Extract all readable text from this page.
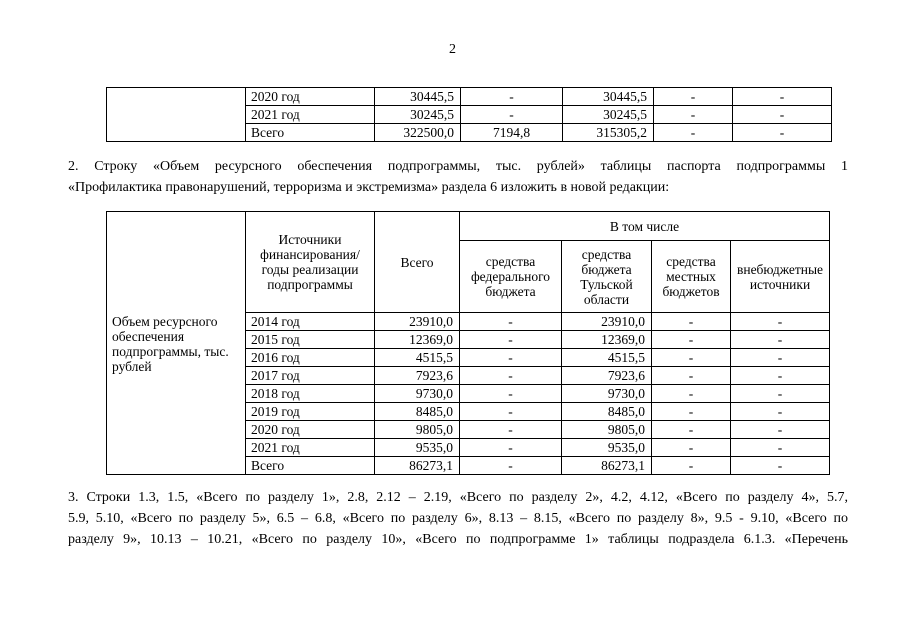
2
	2020 год	30445,5	-	30445,5	-	-
	2021 год	30245,5	-	30245,5	-	-
	Всего	322500,0	7194,8	315305,2	-	-
2. Строку «Объем ресурсного обеспечения подпрограммы, тыс. рублей» таблицы паспорта подпрограммы 1
«Профилактика правонарушений, терроризма и экстремизма» раздела 6 изложить в новой редакции:
Объем ресурсного обеспечения подпрограммы, тыс. рублей	Источники финансирования/ годы реализации подпрограммы	Всего	В том числе			
			средства федерального бюджета	средства бюджета Тульской области	средства местных бюджетов	внебюджетные источники
	2014 год	23910,0	-	23910,0	-	-
	2015 год	12369,0	-	12369,0	-	-
	2016 год	4515,5	-	4515,5	-	-
	2017 год	7923,6	-	7923,6	-	-
	2018 год	9730,0	-	9730,0	-	-
	2019 год	8485,0	-	8485,0	-	-
	2020 год	9805,0	-	9805,0	-	-
	2021 год	9535,0	-	9535,0	-	-
	Всего	86273,1	-	86273,1	-	-
3. Строки 1.3, 1.5, «Всего по разделу 1», 2.8, 2.12 – 2.19, «Всего по разделу 2», 4.2, 4.12, «Всего по разделу 4», 5.7,
5.9, 5.10, «Всего по разделу 5», 6.5 – 6.8, «Всего по разделу 6», 8.13 – 8.15, «Всего по разделу 8», 9.5 - 9.10, «Всего по
разделу 9», 10.13 – 10.21, «Всего по разделу 10», «Всего по подпрограмме 1» таблицы подраздела 6.1.3. «Перечень
